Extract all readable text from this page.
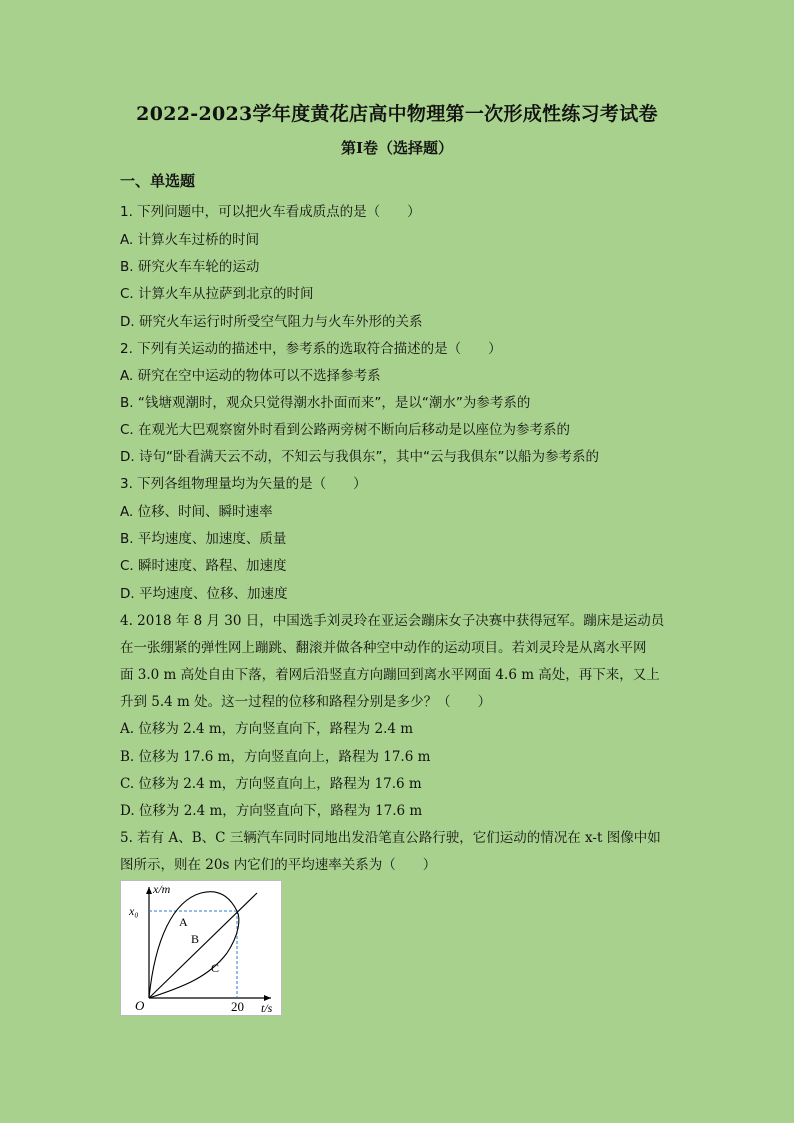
2022-2023学年度黄花店高中物理第一次形成性练习考试卷
第I卷（选择题）
一、单选题
1. 下列问题中，可以把火车看成质点的是（　　）
A. 计算火车过桥的时间
B. 研究火车车轮的运动
C. 计算火车从拉萨到北京的时间
D. 研究火车运行时所受空气阻力与火车外形的关系
2. 下列有关运动的描述中，参考系的选取符合描述的是（　　）
A. 研究在空中运动的物体可以不选择参考系
B. “钱塘观潮时，观众只觉得潮水扑面而来”，是以“潮水”为参考系的
C. 在观光大巴观察窗外时看到公路两旁树不断向后移动是以座位为参考系的
D. 诗句“卧看满天云不动，不知云与我俱东”，其中“云与我俱东”以船为参考系的
3. 下列各组物理量均为矢量的是（　　）
A. 位移、时间、瞬时速率
B. 平均速度、加速度、质量
C. 瞬时速度、路程、加速度
D. 平均速度、位移、加速度
4. 2018 年 8 月 30 日，中国选手刘灵玲在亚运会蹦床女子决赛中获得冠军。蹦床是运动员
在一张绷紧的弹性网上蹦跳、翻滚并做各种空中动作的运动项目。若刘灵玲是从离水平网
面 3.0 m 高处自由下落，着网后沿竖直方向蹦回到离水平网面 4.6 m 高处，再下来，又上
升到 5.4 m 处。这一过程的位移和路程分别是多少？（　　）
A. 位移为 2.4 m，方向竖直向下，路程为 2.4 m
B. 位移为 17.6 m，方向竖直向上，路程为 17.6 m
C. 位移为 2.4 m，方向竖直向上，路程为 17.6 m
D. 位移为 2.4 m，方向竖直向下，路程为 17.6 m
5. 若有 A、B、C 三辆汽车同时同地出发沿笔直公路行驶，它们运动的情况在 x-t 图像中如
图所示，则在 20s 内它们的平均速率关系为（　　）
x/m
t/s
O
x₀
20
A
B
C
